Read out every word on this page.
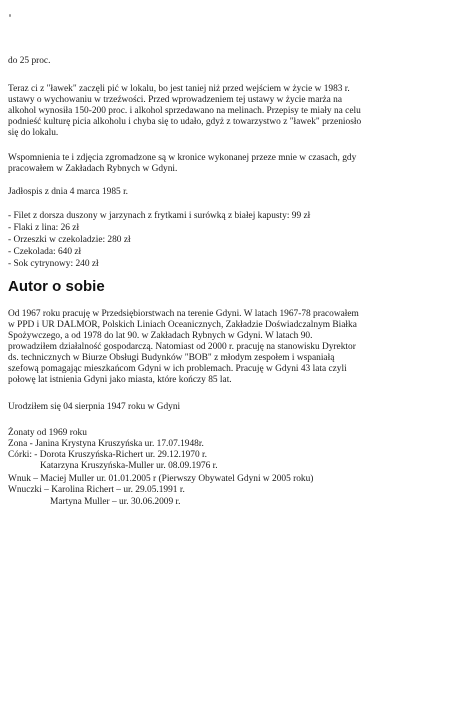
do 25 proc.
Teraz ci z "ławek" zaczęli pić w lokalu, bo jest taniej niż przed wejściem w życie w 1983 r.
ustawy o wychowaniu w trzeźwości. Przed wprowadzeniem tej ustawy w życie marża na
alkohol wynosiła 150-200 proc. i alkohol sprzedawano na melinach. Przepisy te miały na celu
podnieść kulturę picia alkoholu i chyba się to udało, gdyż z towarzystwo z "ławek" przeniosło
się do lokalu.
Wspomnienia te i zdjęcia zgromadzone są w kronice wykonanej przeze mnie w czasach, gdy
pracowałem w Zakładach Rybnych w Gdyni.
Jadłospis z dnia 4 marca 1985 r.
- Filet z dorsza duszony w jarzynach z frytkami i surówką z białej kapusty: 99 zł
- Flaki z lina: 26 zł
- Orzeszki w czekoladzie: 280 zł
- Czekolada: 640 zł
- Sok cytrynowy: 240 zł
Autor o sobie
Od 1967 roku pracuję w Przedsiębiorstwach na terenie Gdyni. W latach 1967-78 pracowałem
w PPD i UR DALMOR, Polskich Liniach Oceanicznych, Zakładzie Doświadczalnym Białka
Spożywczego, a od 1978 do lat 90. w Zakładach Rybnych w Gdyni. W latach 90.
prowadziłem działalność gospodarczą. Natomiast od 2000 r. pracuję na stanowisku Dyrektor
ds. technicznych w Biurze Obsługi Budynków "BOB" z młodym zespołem i wspaniałą
szefową pomagając mieszkańcom Gdyni w ich problemach. Pracuję w Gdyni 43 lata czyli
połowę lat istnienia Gdyni jako miasta, które kończy 85 lat.
Urodziłem się 04 sierpnia 1947 roku w Gdyni
Żonaty od 1969 roku
Zona - Janina Krystyna Kruszyńska ur. 17.07.1948r.
Córki: - Dorota Kruszyńska-Richert ur. 29.12.1970 r.
Katarzyna Kruszyńska-Muller ur. 08.09.1976 r.
Wnuk – Maciej Muller ur. 01.01.2005 r (Pierwszy Obywatel Gdyni w 2005 roku)
Wnuczki – Karolina Richert – ur. 29.05.1991 r.
Martyna Muller – ur. 30.06.2009 r.
